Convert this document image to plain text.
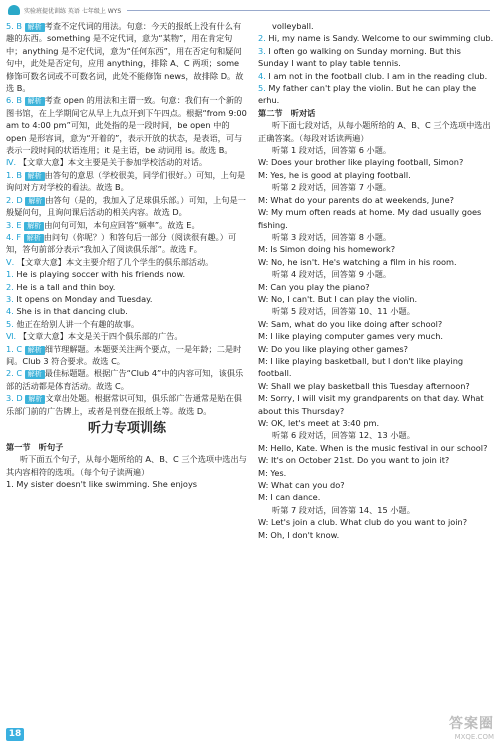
实验班提优训练 英语 七年级上 WYS
5. B 解析 考查不定代词的用法。句意：今天的报纸上没有什么有趣的东西。something 是不定代词，意为“某物”，用在肯定句中；anything 是不定代词，意为“任何东西”，用在否定句和疑问句中，此处是否定句，应用 anything，排除 A、C 两项；some 修饰可数名词或不可数名词，此处不能修饰 news，故排除 D。故选 B。
6. B 解析 考查 open 的用法和主谓一致。句意：我们有一个新的图书馆，在上学期间它从早上九点开到下午四点。根据“from 9:00 am to 4:00 pm”可知，此处指的是一段时间，be open 中的 open 是形容词，意为“开着的”，表示开放的状态，是表语，可与表示一段时间的状语连用；it 是主语，be 动词用 is。故选 B。
Ⅳ. 【文章大意】本文主要是关于参加学校活动的对话。
1. B 解析 由答句的意思（学校很美，同学们很好。）可知，上句是询问对方对学校的看法。故选 B。
2. D 解析 由答句（是的，我加入了足球俱乐部。）可知，上句是一般疑问句，且询问课后活动的相关内容。故选 D。
3. E 解析 由问句可知，本句应回答“频率”。故选 E。
4. F 解析 由问句（你呢？）和答句后一部分（阅读很有趣。）可知，答句前部分表示“我加入了阅读俱乐部”。故选 F。
Ⅴ. 【文章大意】本文主要介绍了几个学生的俱乐部活动。
1. He is playing soccer with his friends now.
2. He is a tall and thin boy.
3. It opens on Monday and Tuesday.
4. She is in that dancing club.
5. 他正在给别人讲一个有趣的故事。
Ⅵ. 【文章大意】本文是关于四个俱乐部的广告。
1. C 解析 细节理解题。本题要关注两个要点，一是年龄；二是时间。Club 3 符合要求。故选 C。
2. C 解析 最佳标题题。根据广告“Club 4”中的内容可知，该俱乐部的活动都是体育活动。故选 C。
3. D 解析 文章出处题。根据常识可知，俱乐部广告通常是贴在俱乐部门前的广告牌上，或者是刊登在报纸上等。故选 D。
听力专项训练
第一节　听句子
听下面五个句子，从每小题所给的 A、B、C 三个选项中选出与其内容相符的选项。（每个句子读两遍）
1. My sister doesn't like swimming. She enjoys
volleyball.
2. Hi, my name is Sandy. Welcome to our swimming club.
3. I often go walking on Sunday morning. But this Sunday I want to play table tennis.
4. I am not in the football club. I am in the reading club.
5. My father can't play the violin. But he can play the erhu.
第二节　听对话
听下面七段对话，从每小题所给的 A、B、C 三个选项中选出正确答案。（每段对话读两遍）
听第 1 段对话，回答第 6 小题。
W: Does your brother like playing football, Simon?
M: Yes, he is good at playing football.
听第 2 段对话，回答第 7 小题。
M: What do your parents do at weekends, June?
W: My mum often reads at home. My dad usually goes fishing.
听第 3 段对话，回答第 8 小题。
M: Is Simon doing his homework?
W: No, he isn't. He's watching a film in his room.
听第 4 段对话，回答第 9 小题。
M: Can you play the piano?
W: No, I can't. But I can play the violin.
听第 5 段对话，回答第 10、11 小题。
W: Sam, what do you like doing after school?
M: I like playing computer games very much.
W: Do you like playing other games?
M: I like playing basketball, but I don't like playing football.
W: Shall we play basketball this Tuesday afternoon?
M: Sorry, I will visit my grandparents on that day. What about this Thursday?
W: OK, let's meet at 3:40 pm.
听第 6 段对话，回答第 12、13 小题。
M: Hello, Kate. When is the music festival in our school?
W: It's on October 21st. Do you want to join it?
M: Yes.
W: What can you do?
M: I can dance.
听第 7 段对话，回答第 14、15 小题。
W: Let's join a club. What club do you want to join?
M: Oh, I don't know.
18
答案圈
MXQE.COM
